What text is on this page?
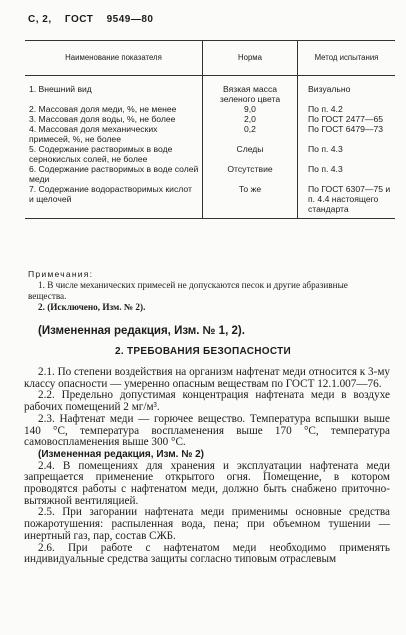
С, 2, ГОСТ 9549—80
Наименование показателя	Норма	Метод испытания
1. Внешний вид	Вязкая масса зеленого цвета	Визуально
2. Массовая доля меди, %, не менее	9,0	По п. 4.2
3. Массовая доля воды, %, не более	2,0	По ГОСТ 2477—65
4. Массовая доля механических примесей, %, не более	0,2	По ГОСТ 6479—73
5. Содержание растворимых в воде сернокислых солей, не более	Следы	По п. 4.3
6. Содержание растворимых в воде солей меди	Отсутствие	По п. 4.3
7. Содержание водорастворимых кислот и щелочей	То же	По ГОСТ 6307—75 и п. 4.4 настоящего стандарта
Примечания:
1. В числе механических примесей не допускаются песок и другие абразивные вещества.
2. (Исключено, Изм. № 2).
(Измененная редакция, Изм. № 1, 2).
2. ТРЕБОВАНИЯ БЕЗОПАСНОСТИ

2.1. По степени воздействия на организм нафтенат меди относится к 3-му классу опасности — умеренно опасным веществам по ГОСТ 12.1.007—76.

2.2. Предельно допустимая концентрация нафтената меди в воздухе рабочих помещений 2 мг/м³.

2.3. Нафтенат меди — горючее вещество. Температура вспышки выше 140 °С, температура воспламенения выше 170 °С, температура самовоспламенения выше 300 °С.

(Измененная редакция, Изм. № 2)

2.4. В помещениях для хранения и эксплуатации нафтената меди запрещается применение открытого огня. Помещение, в котором проводятся работы с нафтенатом меди, должно быть снабжено приточно-вытяжной вентиляцией.

2.5. При загорании нафтената меди применимы основные средства пожаротушения: распыленная вода, пена; при объемном тушении — инертный газ, пар, состав СЖБ.

2.6. При работе с нафтенатом меди необходимо применять индивидуальные средства защиты согласно типовым отраслевым
